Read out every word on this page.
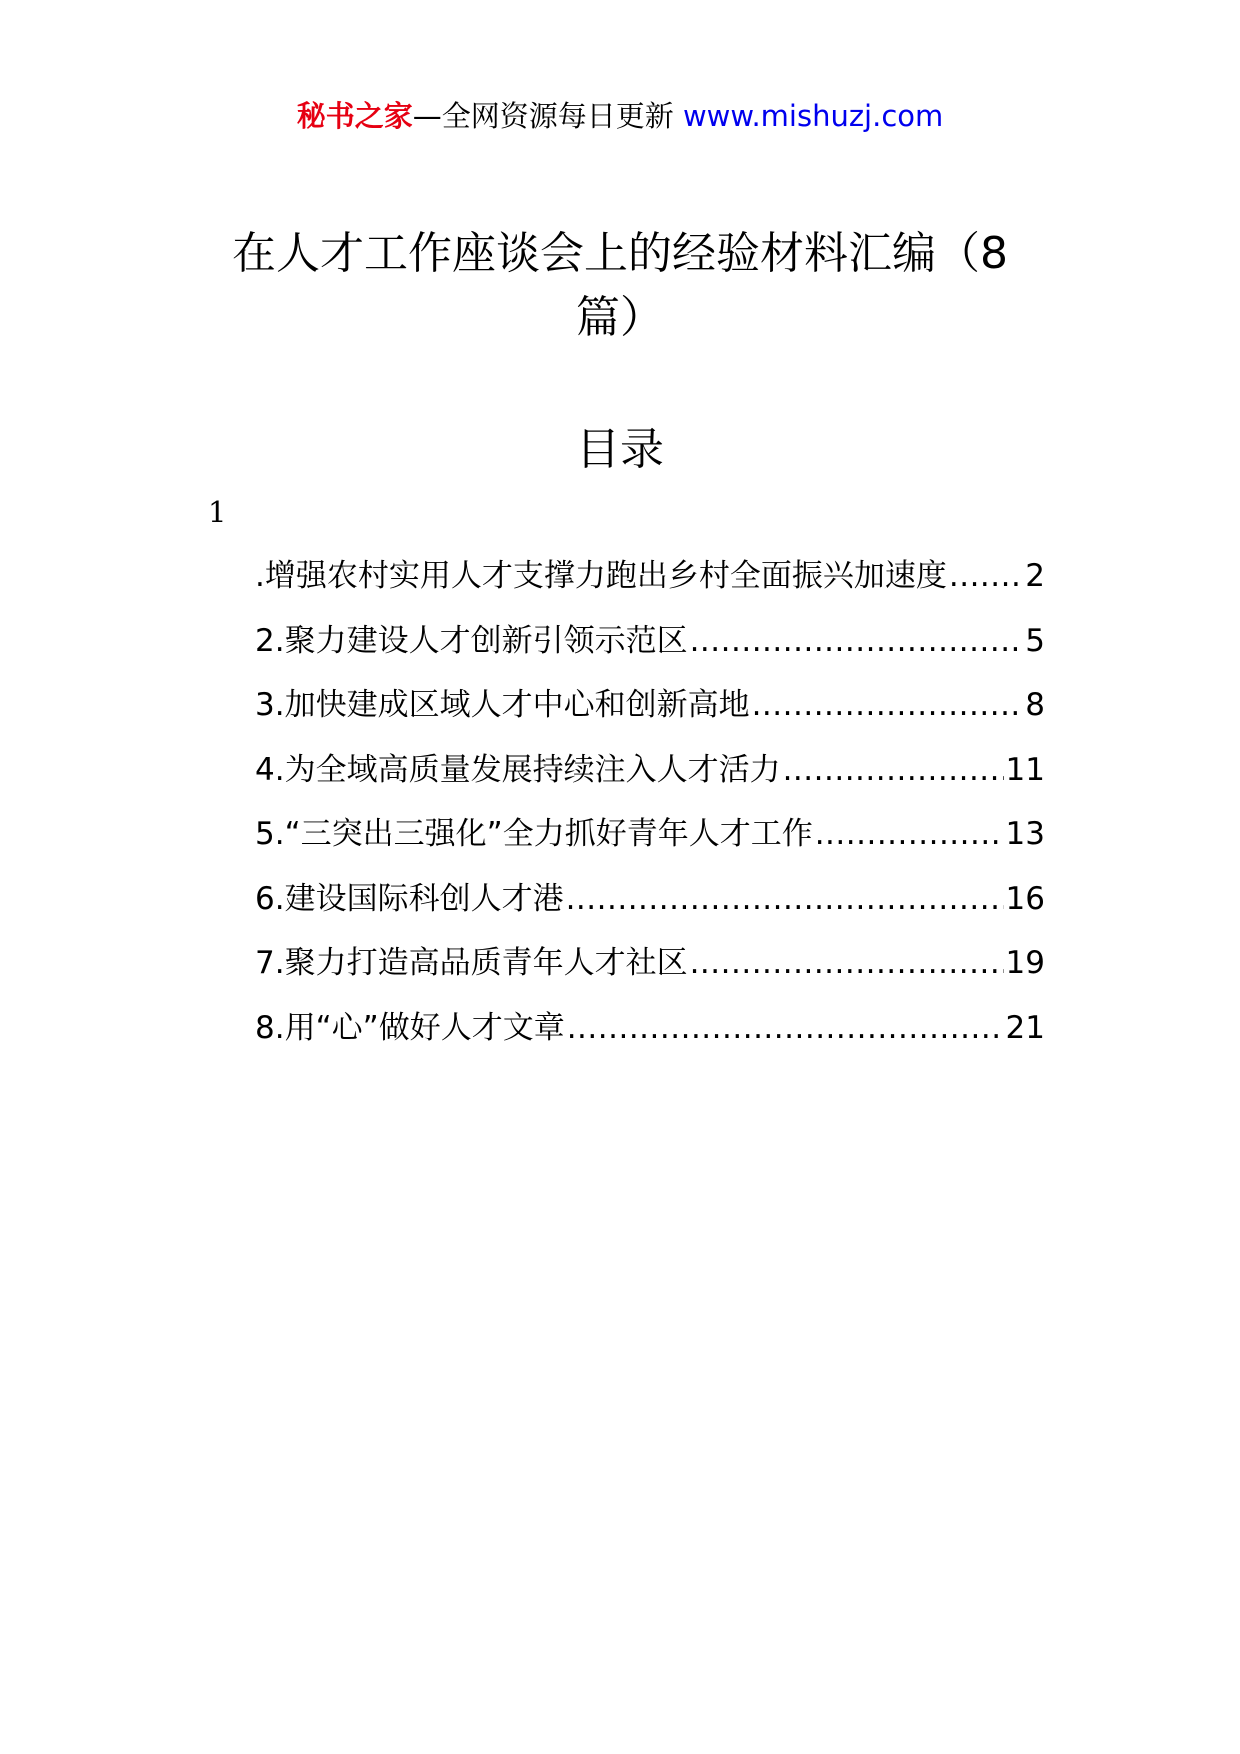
秘书之家—全网资源每日更新 www.mishuzj.com
在人才工作座谈会上的经验材料汇编（8篇）
目录
1
.增强农村实用人才支撑力跑出乡村全面振兴加速度 .....	2
2.聚力建设人才创新引领示范区 .....	5
3.加快建成区域人才中心和创新高地 .....	8
4.为全域高质量发展持续注入人才活力 .....	11
5.“三突出三强化”全力抓好青年人才工作 .....	13
6.建设国际科创人才港 .....	16
7.聚力打造高品质青年人才社区 .....	19
8.用“心”做好人才文章 .....	21
